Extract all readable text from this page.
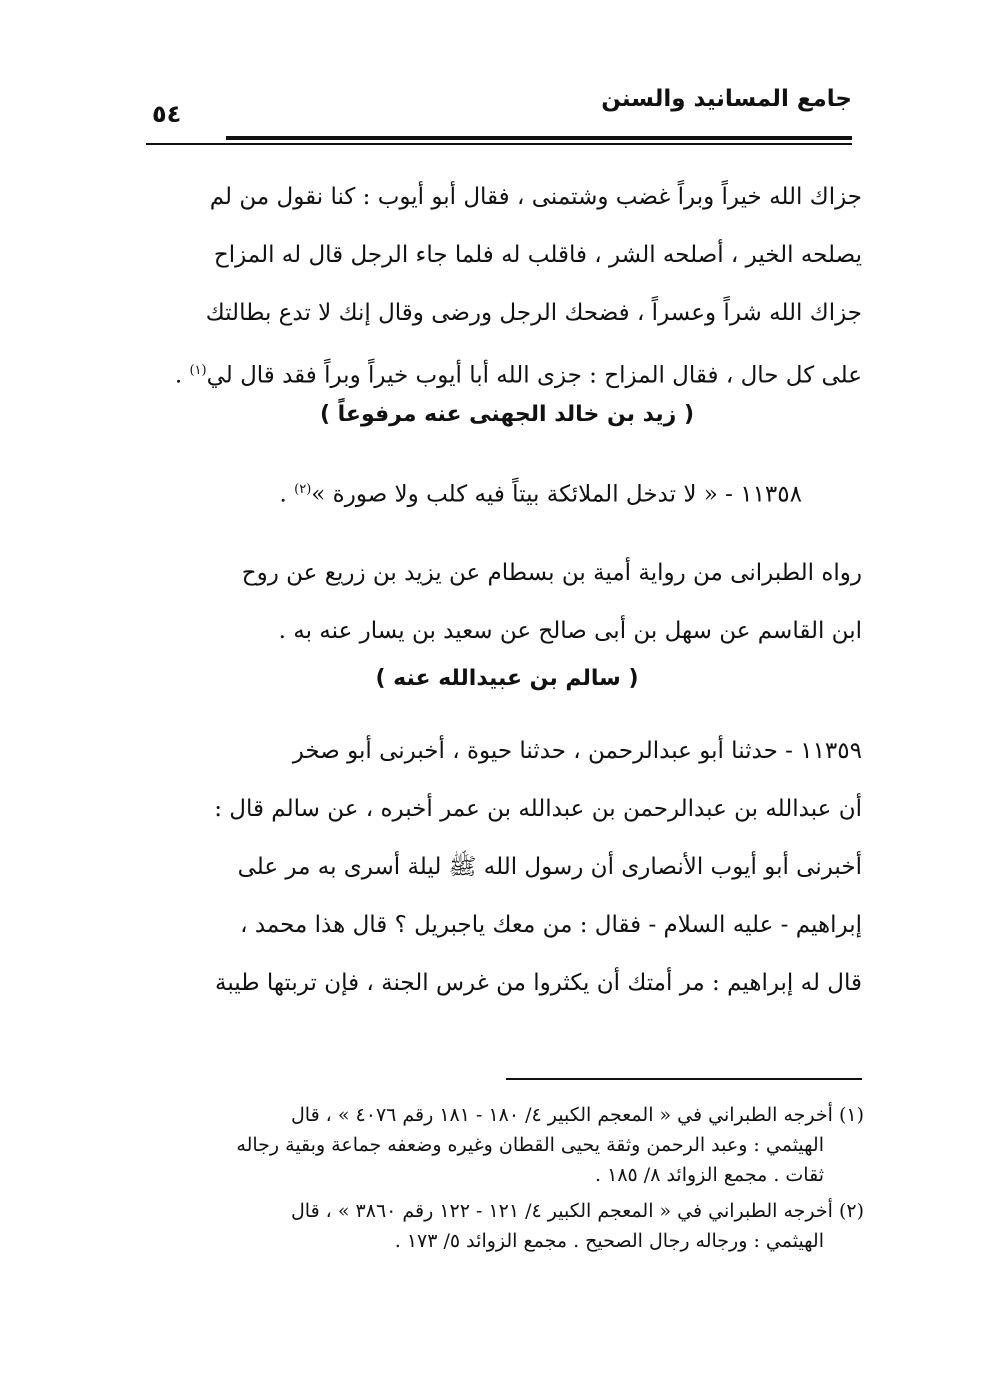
جامع المسانيد والسنن
٥٤
جزاك الله خيراً وبراً غضب وشتمنى ، فقال أبو أيوب : كنا نقول من لم
يصلحه الخير ، أصلحه الشر ، فاقلب له فلما جاء الرجل قال له المزاح
جزاك الله شراً وعسراً ، فضحك الرجل ورضى وقال إنك لا تدع بطالتك
على كل حال ، فقال المزاح : جزى الله أبا أيوب خيراً وبراً فقد قال لي$^{(١)}$ .
( زيد بن خالد الجهنى عنه مرفوعاً )
١١٣٥٨ - « لا تدخل الملائكة بيتاً فيه كلب ولا صورة »$^{(٢)}$ .
رواه الطبرانى من رواية أمية بن بسطام عن يزيد بن زريع عن روح
ابن القاسم عن سهل بن أبى صالح عن سعيد بن يسار عنه به .
( سالم بن عبيدالله عنه )
١١٣٥٩ - حدثنا أبو عبدالرحمن ، حدثنا حيوة ، أخبرنى أبو صخر
أن عبدالله بن عبدالرحمن بن عبدالله بن عمر أخبره ، عن سالم قال :
أخبرنى أبو أيوب الأنصارى أن رسول الله ﷺ ليلة أسرى به مر على
إبراهيم - عليه السلام - فقال : من معك ياجبريل ؟ قال هذا محمد ،
قال له إبراهيم : مر أمتك أن يكثروا من غرس الجنة ، فإن تربتها طيبة
(١) أخرجه الطبراني في « المعجم الكبير ٤/ ١٨٠ - ١٨١ رقم ٤٠٧٦ » ، قال
الهيثمي : وعبد الرحمن وثقة يحيى القطان وغيره وضعفه جماعة وبقية رجاله
ثقات . مجمع الزوائد ٨/ ١٨٥ .
(٢) أخرجه الطبراني في « المعجم الكبير ٤/ ١٢١ - ١٢٢ رقم ٣٨٦٠ » ، قال
الهيثمي : ورجاله رجال الصحيح . مجمع الزوائد ٥/ ١٧٣ .
